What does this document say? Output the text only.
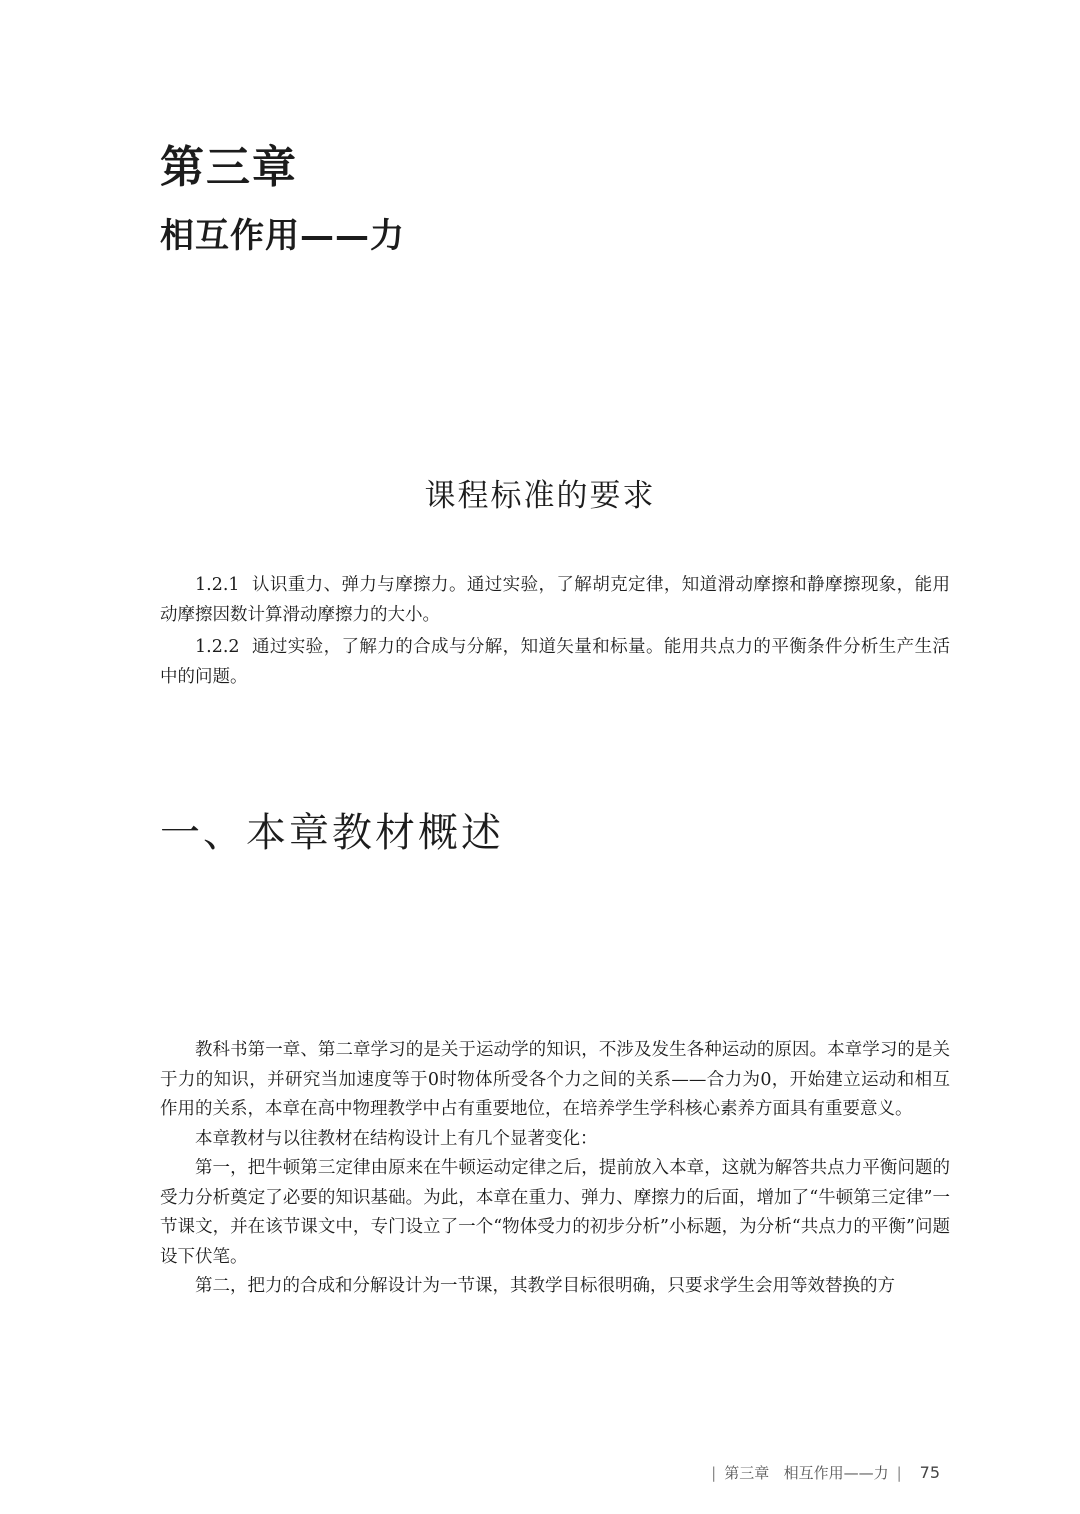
第三章
相互作用——力
课程标准的要求

1.2.1 认识重力、弹力与摩擦力。通过实验，了解胡克定律，知道滑动摩擦和静摩擦现象，能用动摩擦因数计算滑动摩擦力的大小。

1.2.2 通过实验，了解力的合成与分解，知道矢量和标量。能用共点力的平衡条件分析生产生活中的问题。

一、本章教材概述

教科书第一章、第二章学习的是关于运动学的知识，不涉及发生各种运动的原因。本章学习的是关于力的知识，并研究当加速度等于0时物体所受各个力之间的关系——合力为0，开始建立运动和相互作用的关系，本章在高中物理教学中占有重要地位，在培养学生学科核心素养方面具有重要意义。

本章教材与以往教材在结构设计上有几个显著变化：

第一，把牛顿第三定律由原来在牛顿运动定律之后，提前放入本章，这就为解答共点力平衡问题的受力分析奠定了必要的知识基础。为此，本章在重力、弹力、摩擦力的后面，增加了“牛顿第三定律”一节课文，并在该节课文中，专门设立了一个“物体受力的初步分析”小标题，为分析“共点力的平衡”问题设下伏笔。

第二，把力的合成和分解设计为一节课，其教学目标很明确，只要求学生会用等效替换的方

| 第三章 相互作用——力 | 75
